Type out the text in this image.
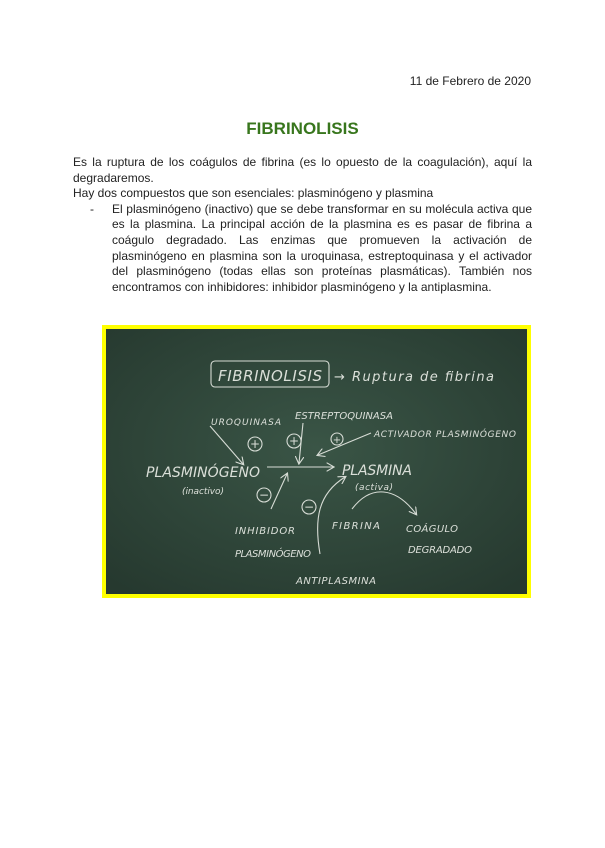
11 de Febrero de 2020
FIBRINOLISIS

Es la ruptura de los coágulos de fibrina (es lo opuesto de la coagulación), aquí la degradaremos.

Hay dos compuestos que son esenciales: plasminógeno y plasmina

-	El plasminógeno (inactivo) que se debe transformar en su molécula activa que es la plasmina. La principal acción de la plasmina es es pasar de fibrina a coágulo degradado. Las enzimas que promueven la activación de plasminógeno en plasmina son la uroquinasa, estreptoquinasa y el activador del plasminógeno (todas ellas son proteínas plasmáticas). También nos encontramos con inhibidores: inhibidor plasminógeno y la antiplasmina.
+ +	+
−
−
FIBRINOLISIS → Ruptura de fibrina
UROQUINASA
ESTREPTOQUINASA
ACTIVADOR PLASMINÓGENO
PLASMINÓGENO
(inactivo)
PLASMINA
(activa)
INHIBIDOR
PLASMINÓGENO
FIBRINA	COÁGULO
DEGRADADO
ANTIPLASMINA
